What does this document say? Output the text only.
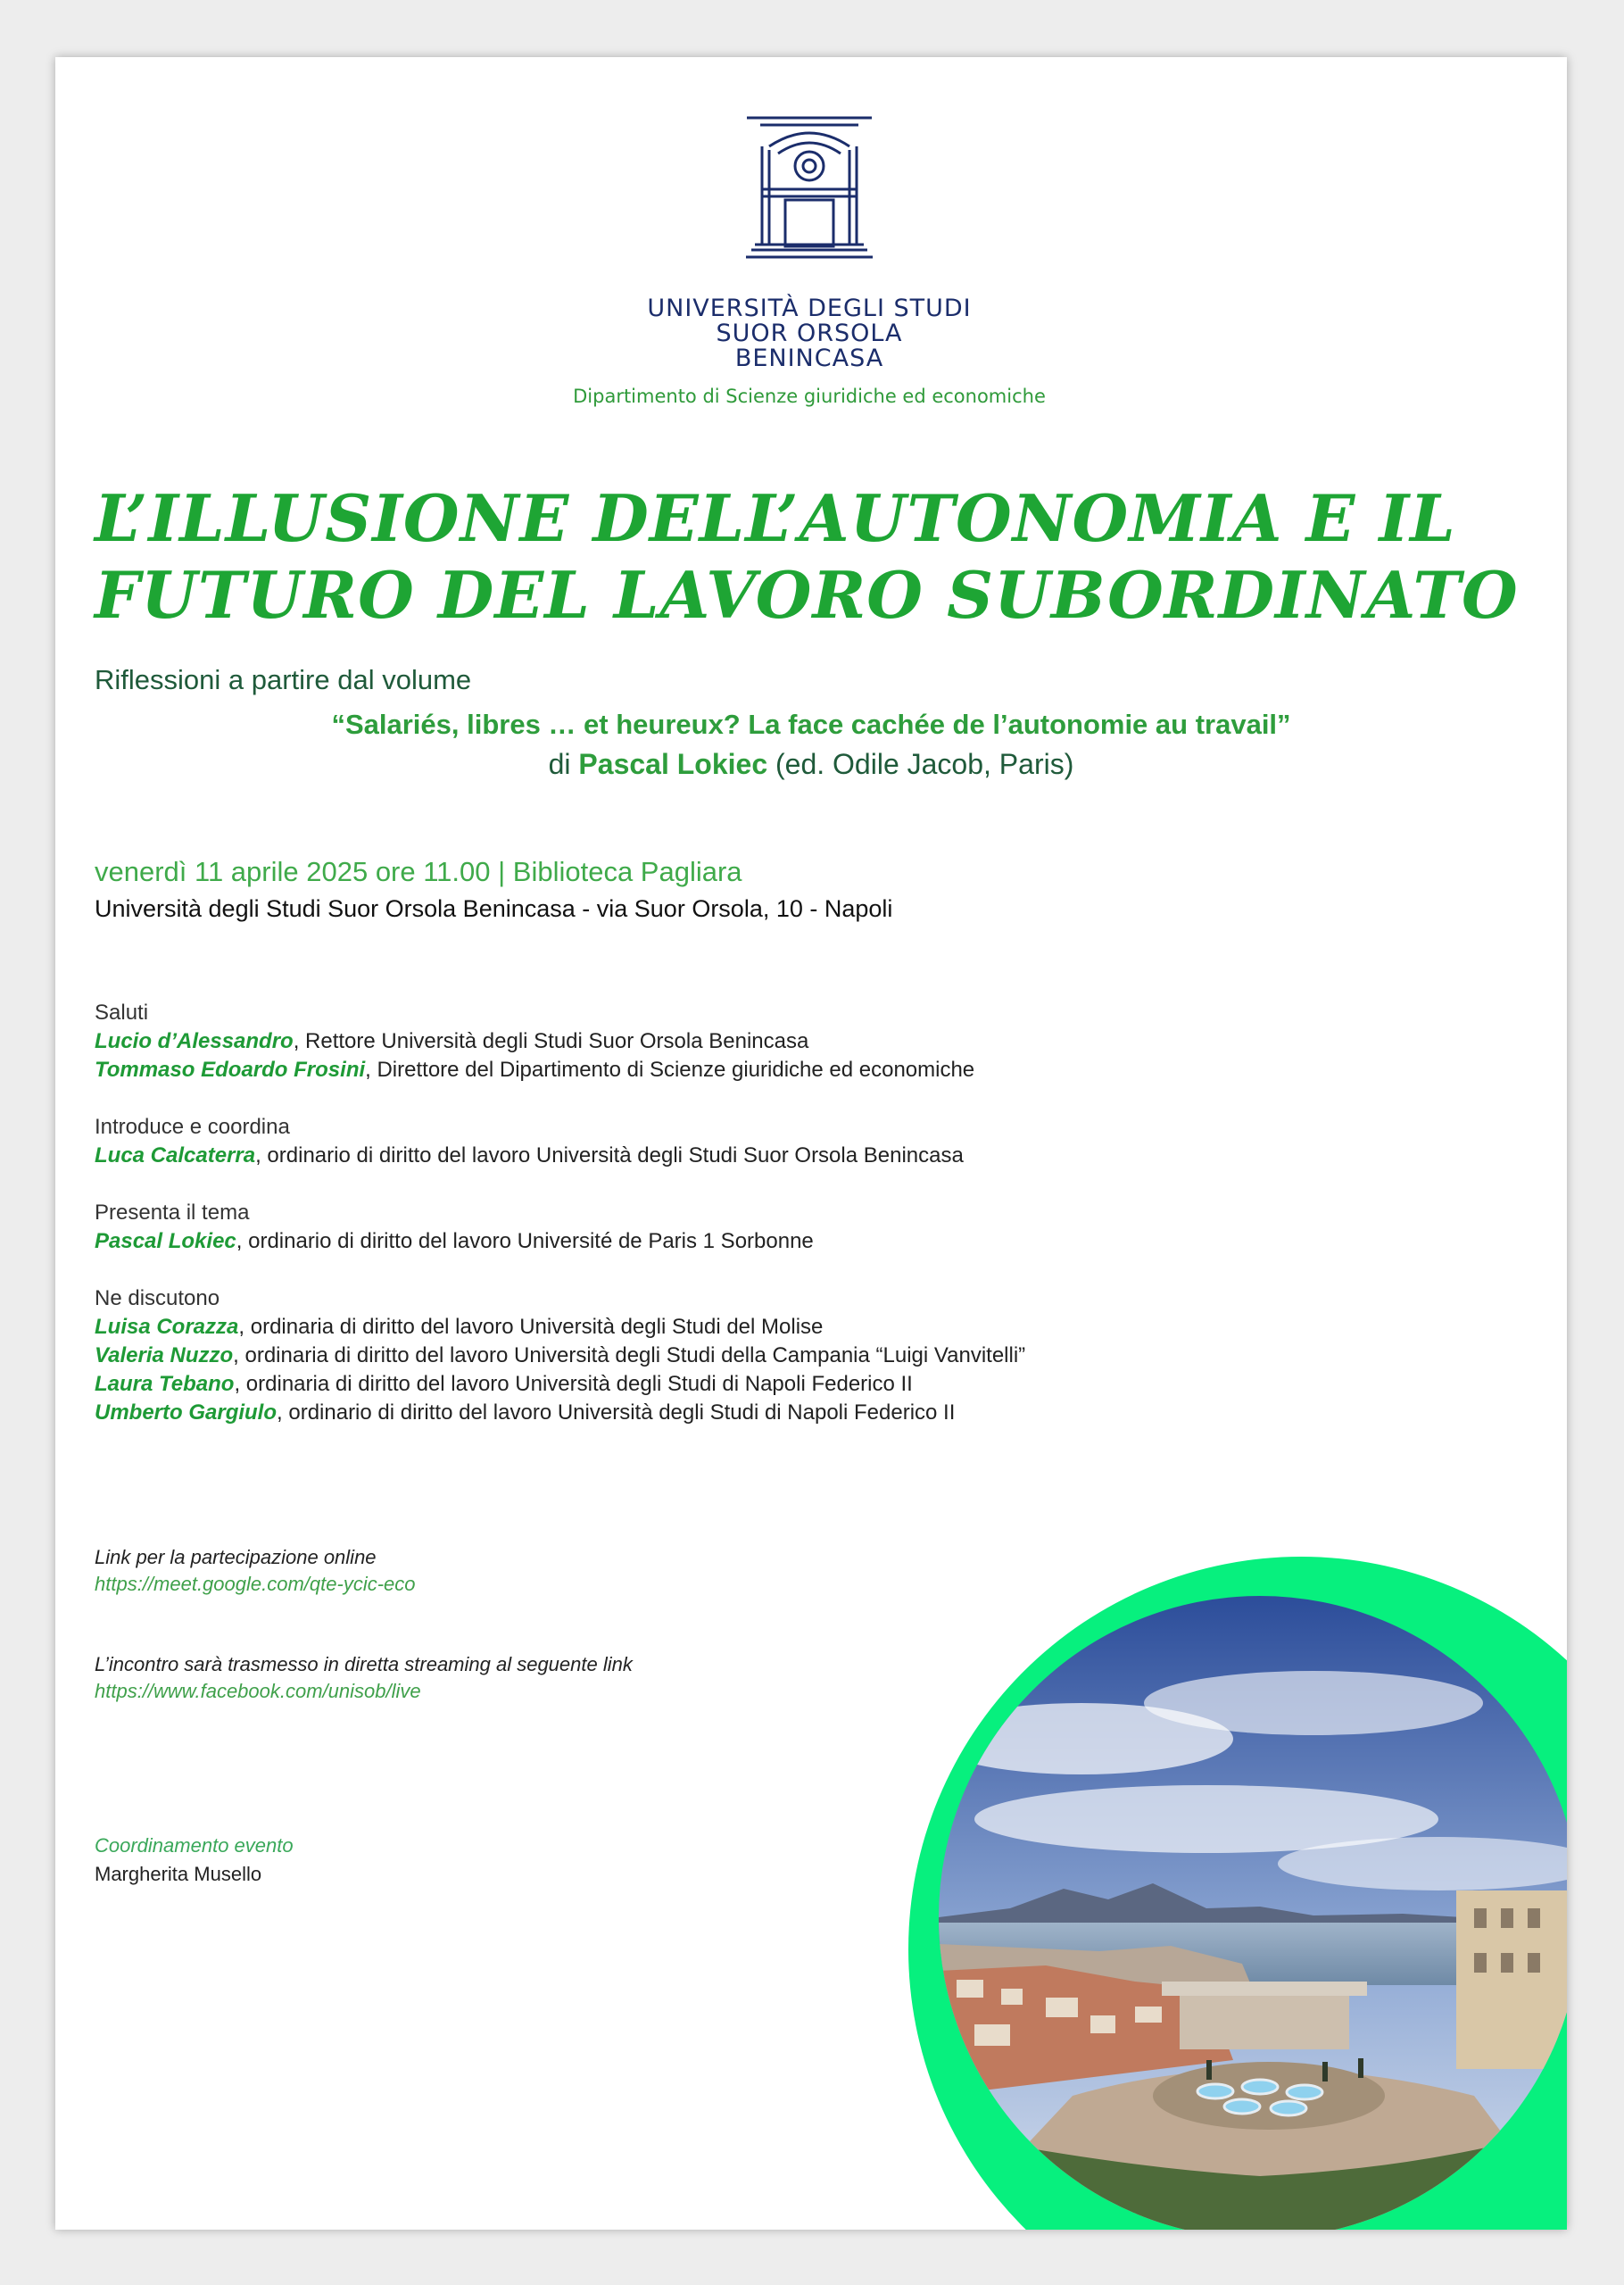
UNIVERSITÀ DEGLI STUDI
SUOR ORSOLA
BENINCASA
Dipartimento di Scienze giuridiche ed economiche
L’ILLUSIONE DELL’AUTONOMIA E IL
FUTURO DEL LAVORO SUBORDINATO
Riflessioni a partire dal volume
“Salariés, libres … et heureux? La face cachée de l’autonomie au travail”
di Pascal Lokiec (ed. Odile Jacob, Paris)
venerdì 11 aprile 2025 ore 11.00 | Biblioteca Pagliara
Università degli Studi Suor Orsola Benincasa - via Suor Orsola, 10 - Napoli
Saluti
Lucio d’Alessandro, Rettore Università degli Studi Suor Orsola Benincasa
Tommaso Edoardo Frosini, Direttore del Dipartimento di Scienze giuridiche ed economiche
Introduce e coordina
Luca Calcaterra, ordinario di diritto del lavoro Università degli Studi Suor Orsola Benincasa
Presenta il tema
Pascal Lokiec, ordinario di diritto del lavoro Université de Paris 1 Sorbonne
Ne discutono
Luisa Corazza, ordinaria di diritto del lavoro Università degli Studi del Molise
Valeria Nuzzo, ordinaria di diritto del lavoro Università degli Studi della Campania “Luigi Vanvitelli”
Laura Tebano, ordinaria di diritto del lavoro Università degli Studi di Napoli Federico II
Umberto Gargiulo, ordinario di diritto del lavoro Università degli Studi di Napoli Federico II
Link per la partecipazione online
https://meet.google.com/qte-ycic-eco
L’incontro sarà trasmesso in diretta streaming al seguente link
https://www.facebook.com/unisob/live
Coordinamento evento
Margherita Musello
